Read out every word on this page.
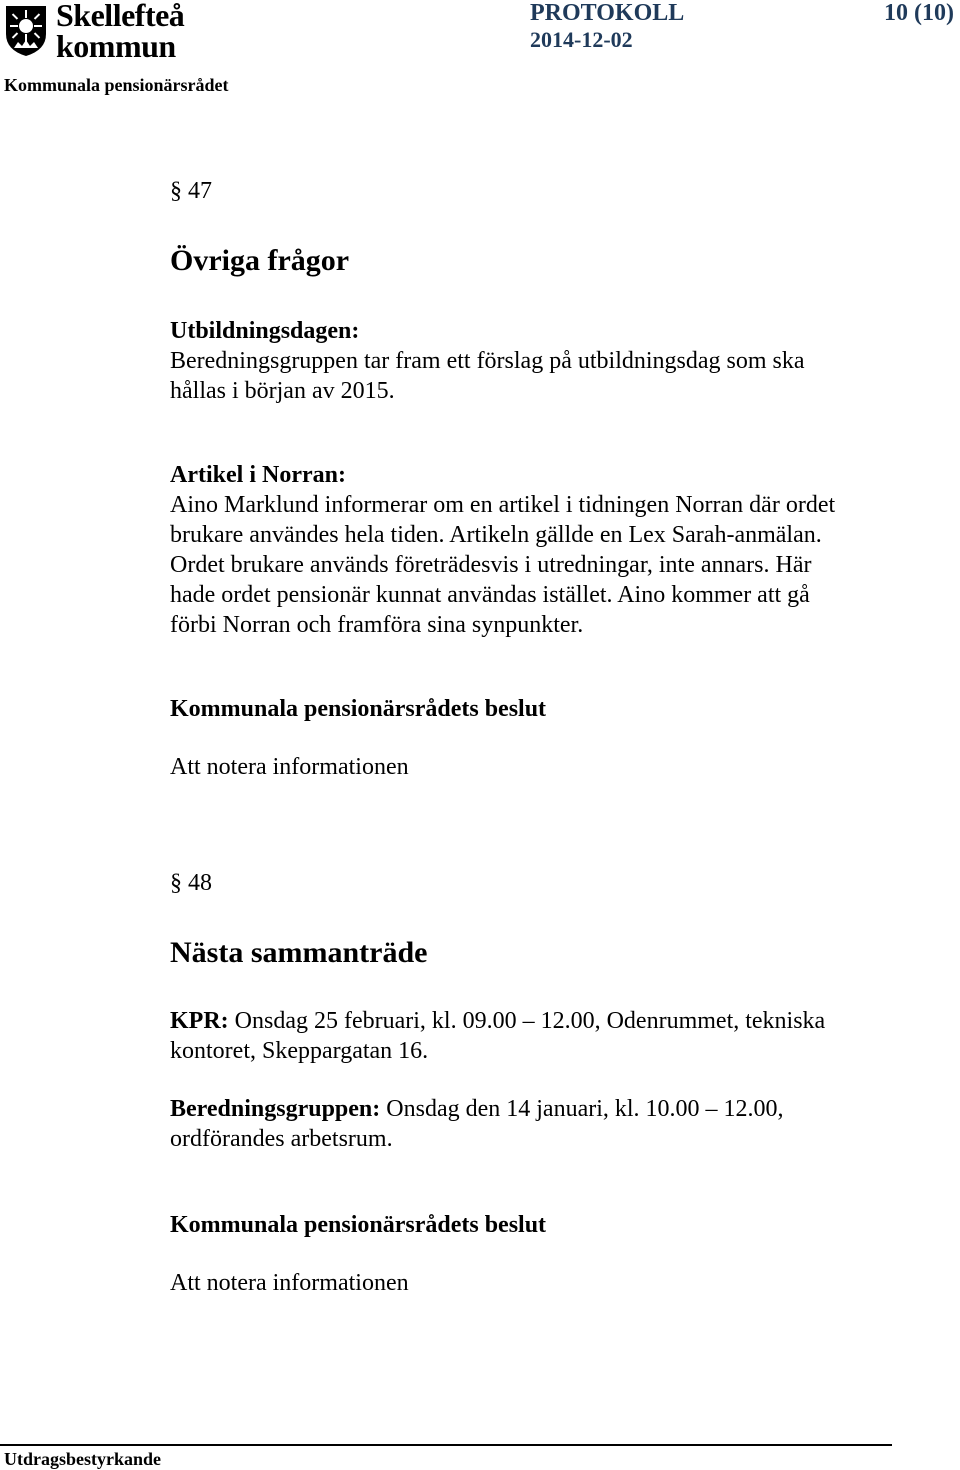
Skellefteå
kommun
PROTOKOLL	10 (10)
2014-12-02
Kommunala pensionärsrådet
§ 47
Övriga frågor

Utbildningsdagen:

Beredningsgruppen tar fram ett förslag på utbildningsdag som ska hållas i början av 2015.

Artikel i Norran:

Aino Marklund informerar om en artikel i tidningen Norran där ordet

brukare användes hela tiden. Artikeln gällde en Lex Sarah-anmälan.

Ordet brukare används företrädesvis i utredningar, inte annars. Här

hade ordet pensionär kunnat användas istället. Aino kommer att gå

förbi Norran och framföra sina synpunkter.

Kommunala pensionärsrådets beslut

Att notera informationen

§ 48
Nästa sammanträde

KPR: Onsdag 25 februari, kl. 09.00 – 12.00, Odenrummet, tekniska

kontoret, Skeppargatan 16.

Beredningsgruppen: Onsdag den 14 januari, kl. 10.00 – 12.00,

ordförandes arbetsrum.

Kommunala pensionärsrådets beslut

Att notera informationen

Utdragsbestyrkande
